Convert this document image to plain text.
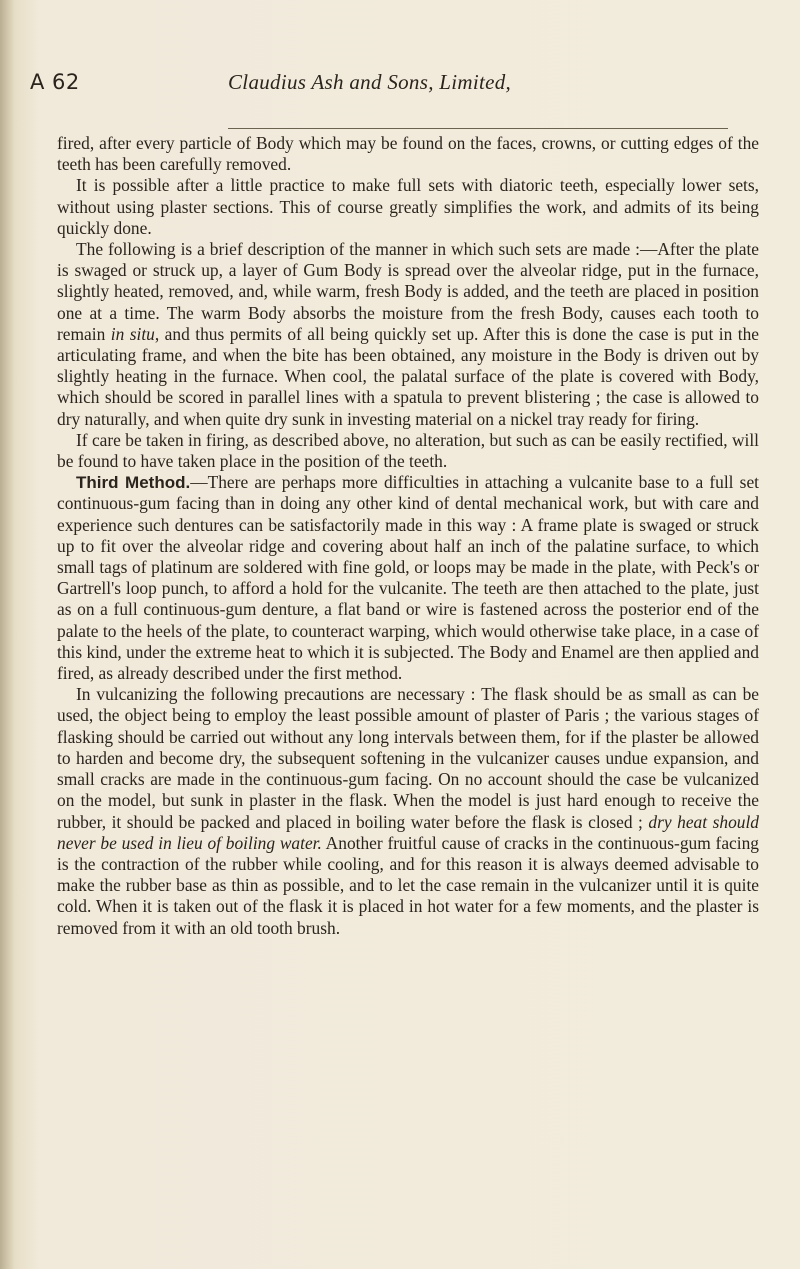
A 62	Claudius Ash and Sons, Limited,

fired, after every particle of Body which may be found on the faces, crowns, or cutting edges of the teeth has been carefully removed.

It is possible after a little practice to make full sets with diatoric teeth, especially lower sets, without using plaster sections. This of course greatly simplifies the work, and admits of its being quickly done.

The following is a brief description of the manner in which such sets are made :—After the plate is swaged or struck up, a layer of Gum Body is spread over the alveolar ridge, put in the furnace, slightly heated, removed, and, while warm, fresh Body is added, and the teeth are placed in position one at a time. The warm Body absorbs the moisture from the fresh Body, causes each tooth to remain in situ, and thus permits of all being quickly set up. After this is done the case is put in the articulating frame, and when the bite has been obtained, any moisture in the Body is driven out by slightly heating in the furnace. When cool, the palatal surface of the plate is covered with Body, which should be scored in parallel lines with a spatula to prevent blistering ; the case is allowed to dry naturally, and when quite dry sunk in investing material on a nickel tray ready for firing.

If care be taken in firing, as described above, no alteration, but such as can be easily rectified, will be found to have taken place in the position of the teeth.

Third Method.—There are perhaps more difficulties in attaching a vulcanite base to a full set continuous-gum facing than in doing any other kind of dental mechanical work, but with care and experience such dentures can be satisfactorily made in this way : A frame plate is swaged or struck up to fit over the alveolar ridge and covering about half an inch of the palatine surface, to which small tags of platinum are soldered with fine gold, or loops may be made in the plate, with Peck's or Gartrell's loop punch, to afford a hold for the vulcanite. The teeth are then attached to the plate, just as on a full continuous-gum denture, a flat band or wire is fastened across the posterior end of the palate to the heels of the plate, to counteract warping, which would otherwise take place, in a case of this kind, under the extreme heat to which it is subjected. The Body and Enamel are then applied and fired, as already described under the first method.

In vulcanizing the following precautions are necessary : The flask should be as small as can be used, the object being to employ the least possible amount of plaster of Paris ; the various stages of flasking should be carried out without any long intervals between them, for if the plaster be allowed to harden and become dry, the subsequent softening in the vulcanizer causes undue expansion, and small cracks are made in the continuous-gum facing. On no account should the case be vulcanized on the model, but sunk in plaster in the flask. When the model is just hard enough to receive the rubber, it should be packed and placed in boiling water before the flask is closed ; dry heat should never be used in lieu of boiling water. Another fruitful cause of cracks in the continuous-gum facing is the contraction of the rubber while cooling, and for this reason it is always deemed advisable to make the rubber base as thin as possible, and to let the case remain in the vulcanizer until it is quite cold. When it is taken out of the flask it is placed in hot water for a few moments, and the plaster is removed from it with an old tooth brush.
